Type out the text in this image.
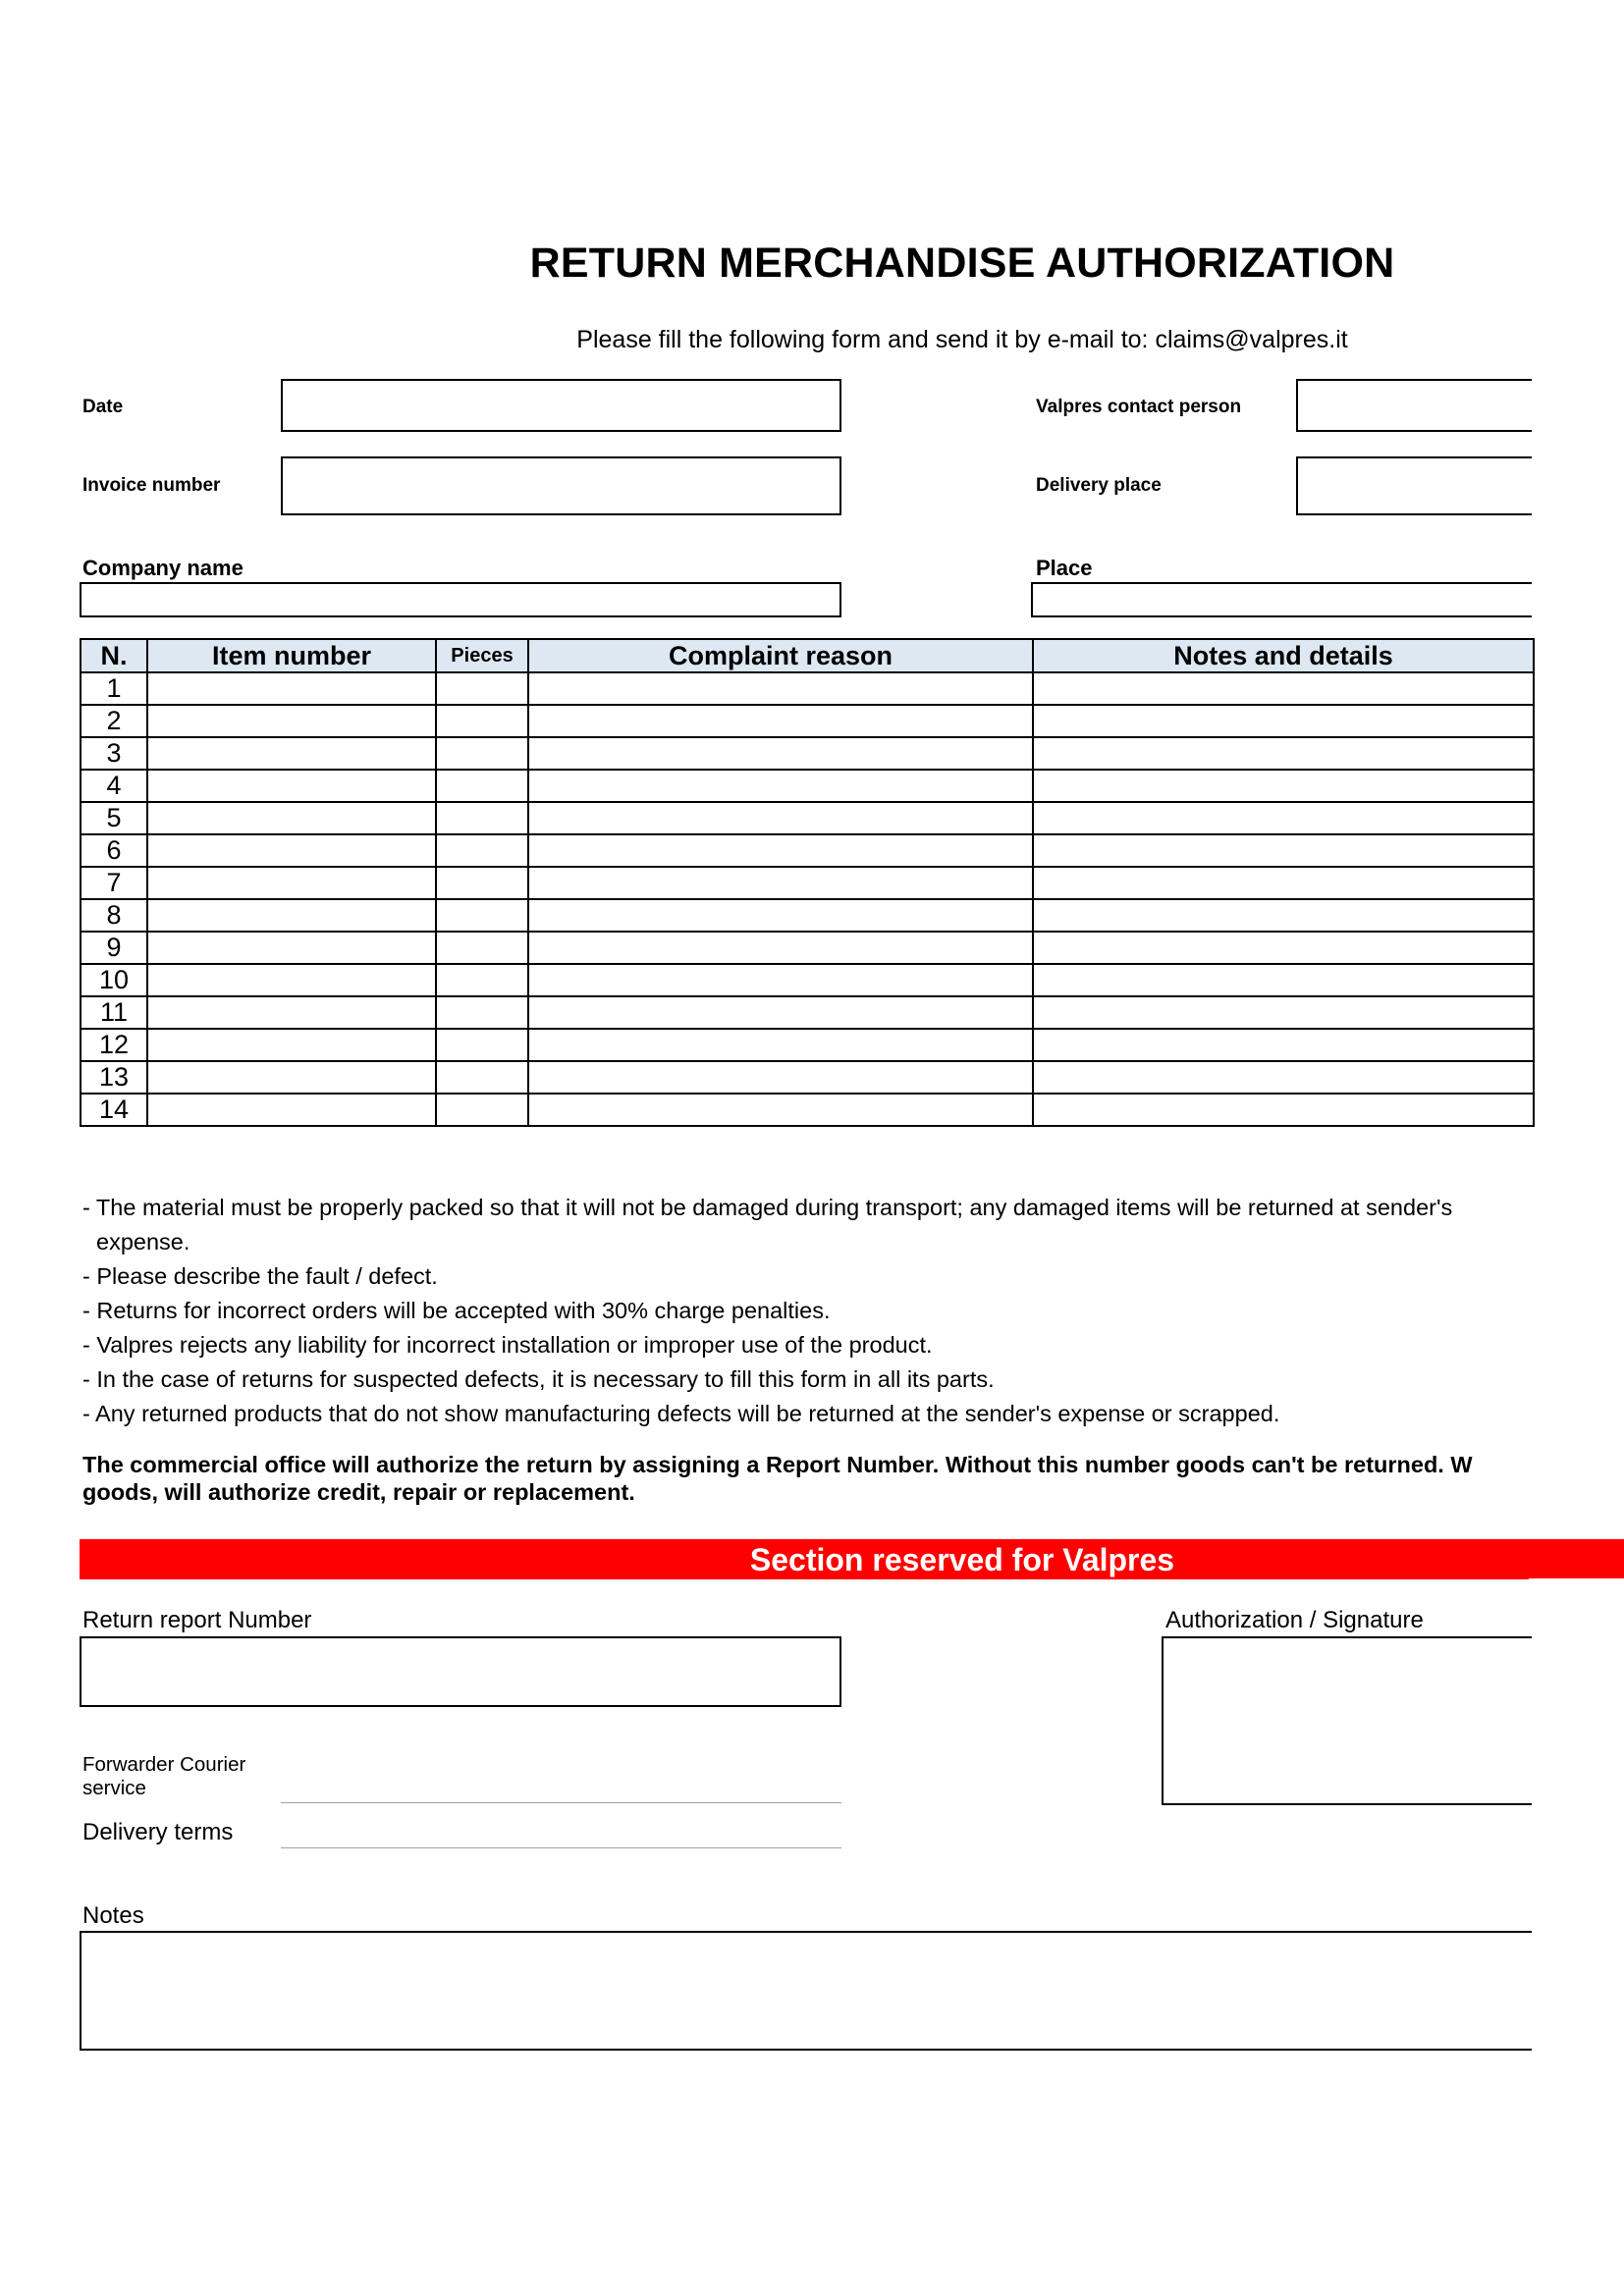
RETURN MERCHANDISE AUTHORIZATION
Please fill the following form and send it by e-mail to: claims@valpres.it
Date
Invoice number
Valpres contact person
Delivery place
Company name	Place
N.	Item number	Pieces	Complaint reason	Notes and details
1				
2				
3				
4				
5				
6				
7				
8				
9				
10				
11				
12				
13				
14				
- The material must be properly packed so that it will not be damaged during transport; any damaged items will be returned at sender's
expense.
- Please describe the fault / defect.
- Returns for incorrect orders will be accepted with 30% charge penalties.
- Valpres rejects any liability for incorrect installation or improper use of the product.
- In the case of returns for suspected defects, it is necessary to fill this form in all its parts.
- Any returned products that do not show manufacturing defects will be returned at the sender's expense or scrapped.
The commercial office will authorize the return by assigning a Report Number. Without this number goods can't be returned. W
goods, will authorize credit, repair or replacement.
Section reserved for Valpres
Return report Number	Authorization / Signature
Forwarder Courier
service
Delivery terms
Notes
